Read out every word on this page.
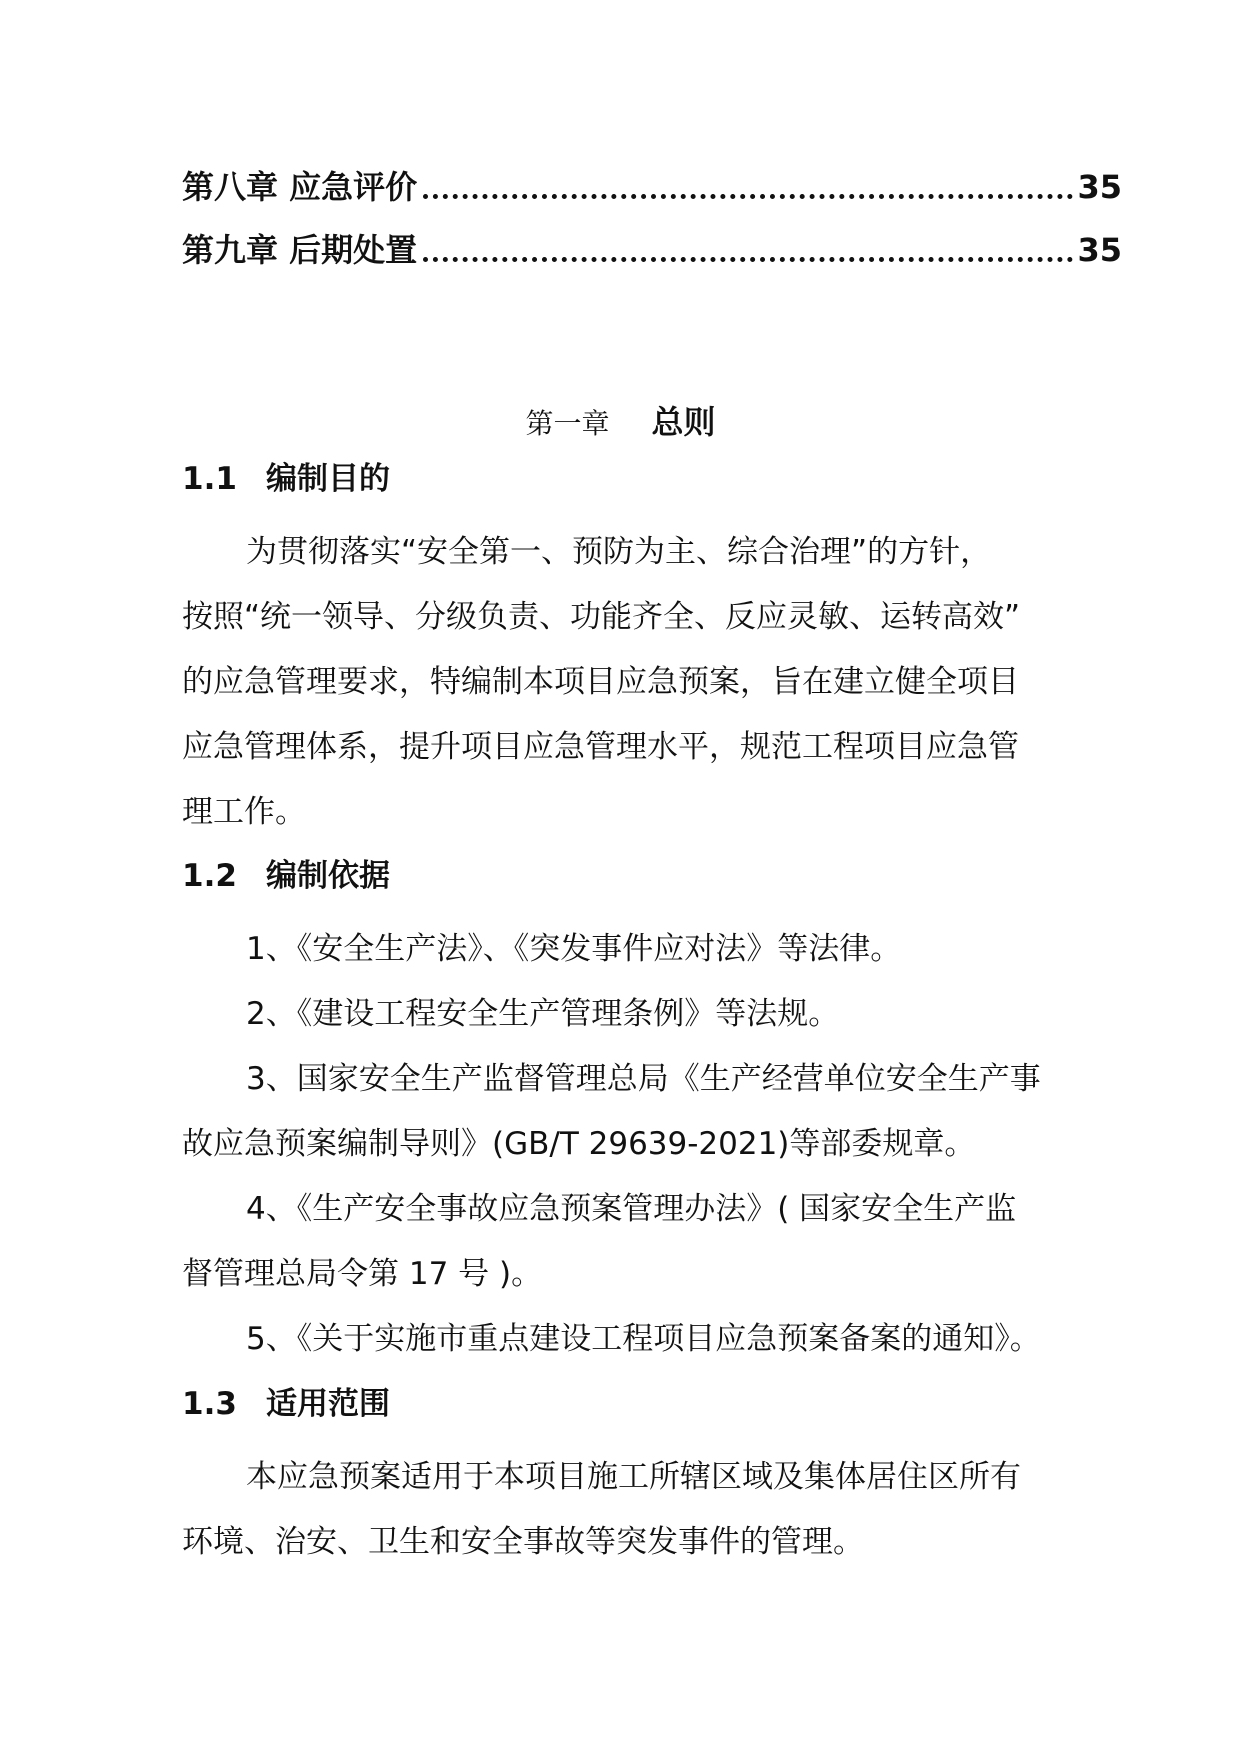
第八章 应急评价	35
第九章 后期处置	35
第一章 总则
1.1 编制目的
为贯彻落实“安全第一、预防为主、综合治理”的方针，
按照“统一领导、分级负责、功能齐全、反应灵敏、运转高效”
的应急管理要求，特编制本项目应急预案，旨在建立健全项目
应急管理体系，提升项目应急管理水平，规范工程项目应急管
理工作。
1.2 编制依据
1、《安全生产法》、《突发事件应对法》等法律。
2、《建设工程安全生产管理条例》等法规。
3、国家安全生产监督管理总局《生产经营单位安全生产事
故应急预案编制导则》(GB/T 29639-2021)等部委规章。
4、《生产安全事故应急预案管理办法》( 国家安全生产监
督管理总局令第 17 号 )。
5、《关于实施市重点建设工程项目应急预案备案的通知》。
1.3 适用范围
本应急预案适用于本项目施工所辖区域及集体居住区所有
环境、治安、卫生和安全事故等突发事件的管理。
